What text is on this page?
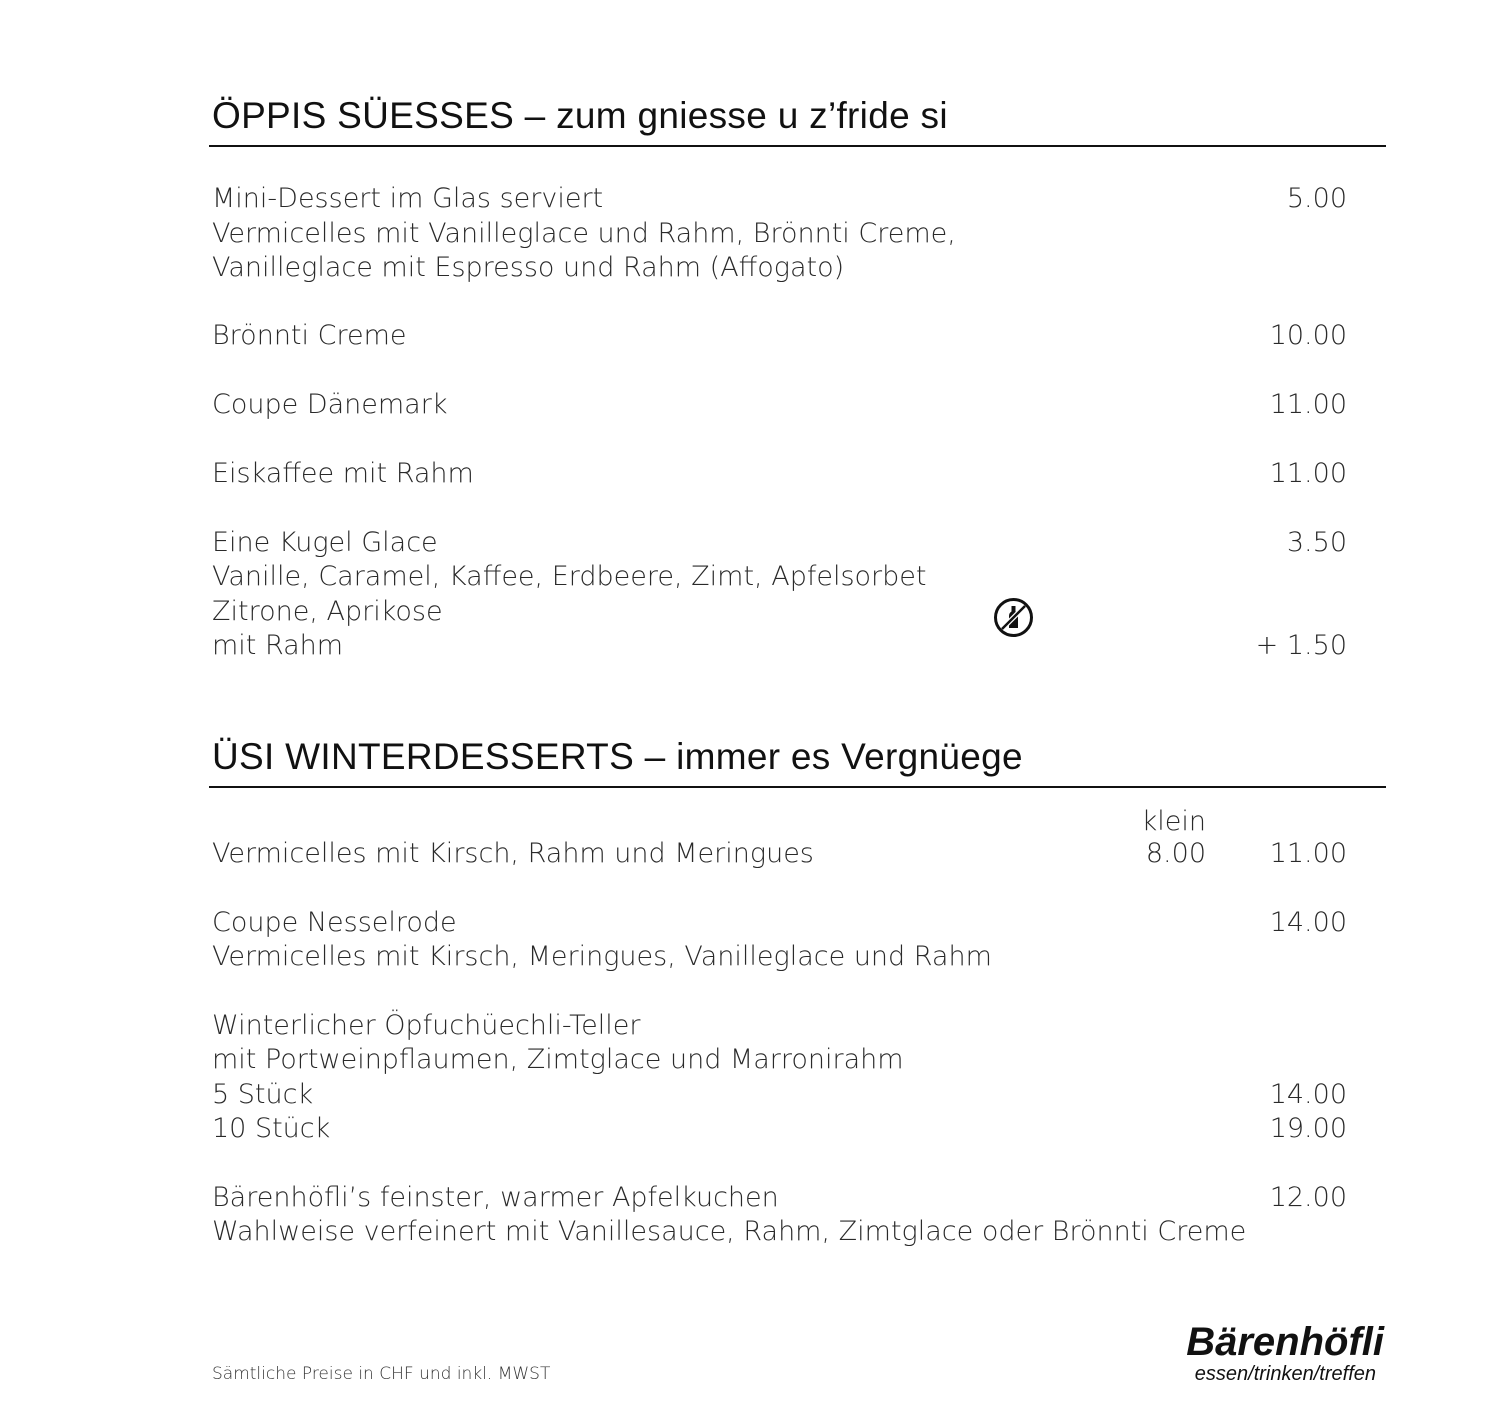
ÖPPIS SÜESSES – zum gniesse u z’fride si
Mini-Dessert im Glas serviert	5.00
Vermicelles mit Vanilleglace und Rahm, Brönnti Creme,
Vanilleglace mit Espresso und Rahm (Affogato)
Brönnti Creme	10.00
Coupe Dänemark	11.00
Eiskaffee mit Rahm	11.00
Eine Kugel Glace	3.50
Vanille, Caramel, Kaffee, Erdbeere, Zimt, Apfelsorbet
Zitrone, Aprikose
mit Rahm	+ 1.50
ÜSI WINTERDESSERTS – immer es Vergnüege
klein
Vermicelles mit Kirsch, Rahm und Meringues	8.00	11.00
Coupe Nesselrode	14.00
Vermicelles mit Kirsch, Meringues, Vanilleglace und Rahm
Winterlicher Öpfuchüechli-Teller
mit Portweinpflaumen, Zimtglace und Marronirahm
5 Stück	14.00
10 Stück	19.00
Bärenhöfli’s feinster, warmer Apfelkuchen	12.00
Wahlweise verfeinert mit Vanillesauce, Rahm, Zimtglace oder Brönnti Creme
Sämtliche Preise in CHF und inkl. MWST
Bärenhöfli
essen/trinken/treffen
